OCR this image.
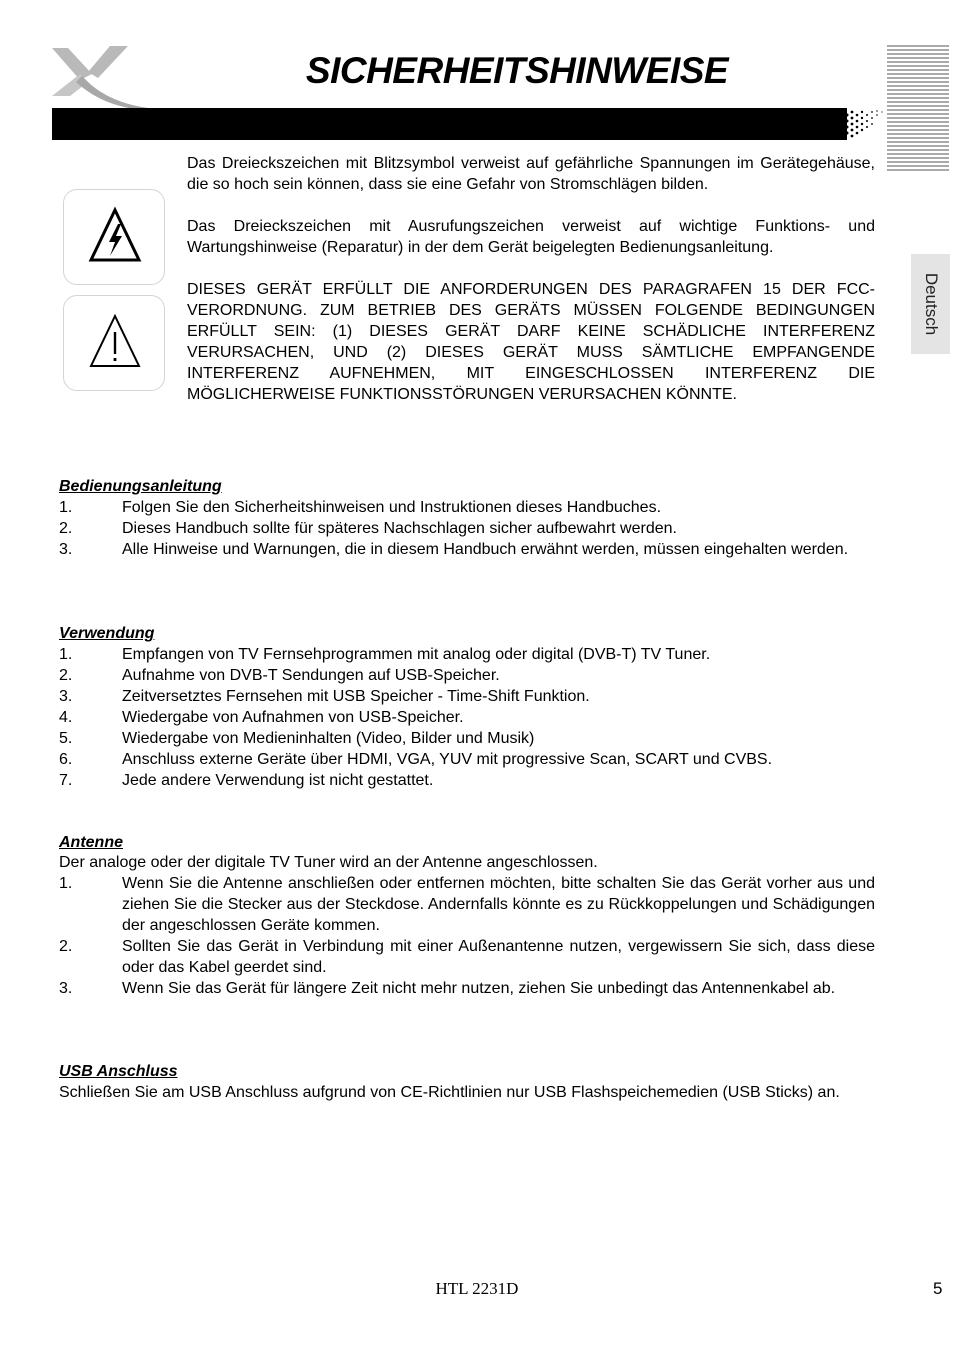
SICHERHEITSHINWEISE
Deutsch

Das Dreieckszeichen mit Blitzsymbol verweist auf gefährliche Spannungen im Gerätegehäuse, die so hoch sein können, dass sie eine Gefahr von Stromschlägen bilden.

Das Dreieckszeichen mit Ausrufungszeichen verweist auf wichtige Funktions- und Wartungshinweise (Reparatur) in der dem Gerät beigelegten Bedienungsanleitung.

DIESES GERÄT ERFÜLLT DIE ANFORDERUNGEN DES PARAGRAFEN 15 DER FCC-VERORDNUNG. ZUM BETRIEB DES GERÄTS MÜSSEN FOLGENDE BEDINGUNGEN ERFÜLLT SEIN: (1) DIESES GERÄT DARF KEINE SCHÄDLICHE INTERFERENZ VERURSACHEN, UND (2) DIESES GERÄT MUSS SÄMTLICHE EMPFANGENDE INTERFERENZ AUFNEHMEN, MIT EINGESCHLOSSEN INTERFERENZ DIE MÖGLICHERWEISE FUNKTIONSSTÖRUNGEN VERURSACHEN KÖNNTE.

Bedienungsanleitung
1.	Folgen Sie den Sicherheitshinweisen und Instruktionen dieses Handbuches.
2.	Dieses Handbuch sollte für späteres Nachschlagen sicher aufbewahrt werden.
3.	Alle Hinweise und Warnungen, die in diesem Handbuch erwähnt werden, müssen eingehalten werden.
Verwendung
1.	Empfangen von TV Fernsehprogrammen mit analog oder digital (DVB-T) TV Tuner.
2.	Aufnahme von DVB-T Sendungen auf USB-Speicher.
3.	Zeitversetztes Fernsehen mit USB Speicher - Time-Shift Funktion.
4.	Wiedergabe von Aufnahmen von USB-Speicher.
5.	Wiedergabe von Medieninhalten (Video, Bilder und Musik)
6.	Anschluss externe Geräte über HDMI, VGA, YUV mit progressive Scan, SCART und CVBS.
7.	Jede andere Verwendung ist nicht gestattet.
Antenne

Der analoge oder der digitale TV Tuner wird an der Antenne angeschlossen.

1.	Wenn Sie die Antenne anschließen oder entfernen möchten, bitte schalten Sie das Gerät vorher aus und ziehen Sie die Stecker aus der Steckdose. Andernfalls könnte es zu Rückkoppelungen und Schädigungen der angeschlossen Geräte kommen.
2.	Sollten Sie das Gerät in Verbindung mit einer Außenantenne nutzen, vergewissern Sie sich, dass diese oder das Kabel geerdet sind.
3.	Wenn Sie das Gerät für längere Zeit nicht mehr nutzen, ziehen Sie unbedingt das Antennenkabel ab.
USB Anschluss

Schließen Sie am USB Anschluss aufgrund von CE-Richtlinien nur USB Flashspeichemedien (USB Sticks) an.

HTL 2231D	5
